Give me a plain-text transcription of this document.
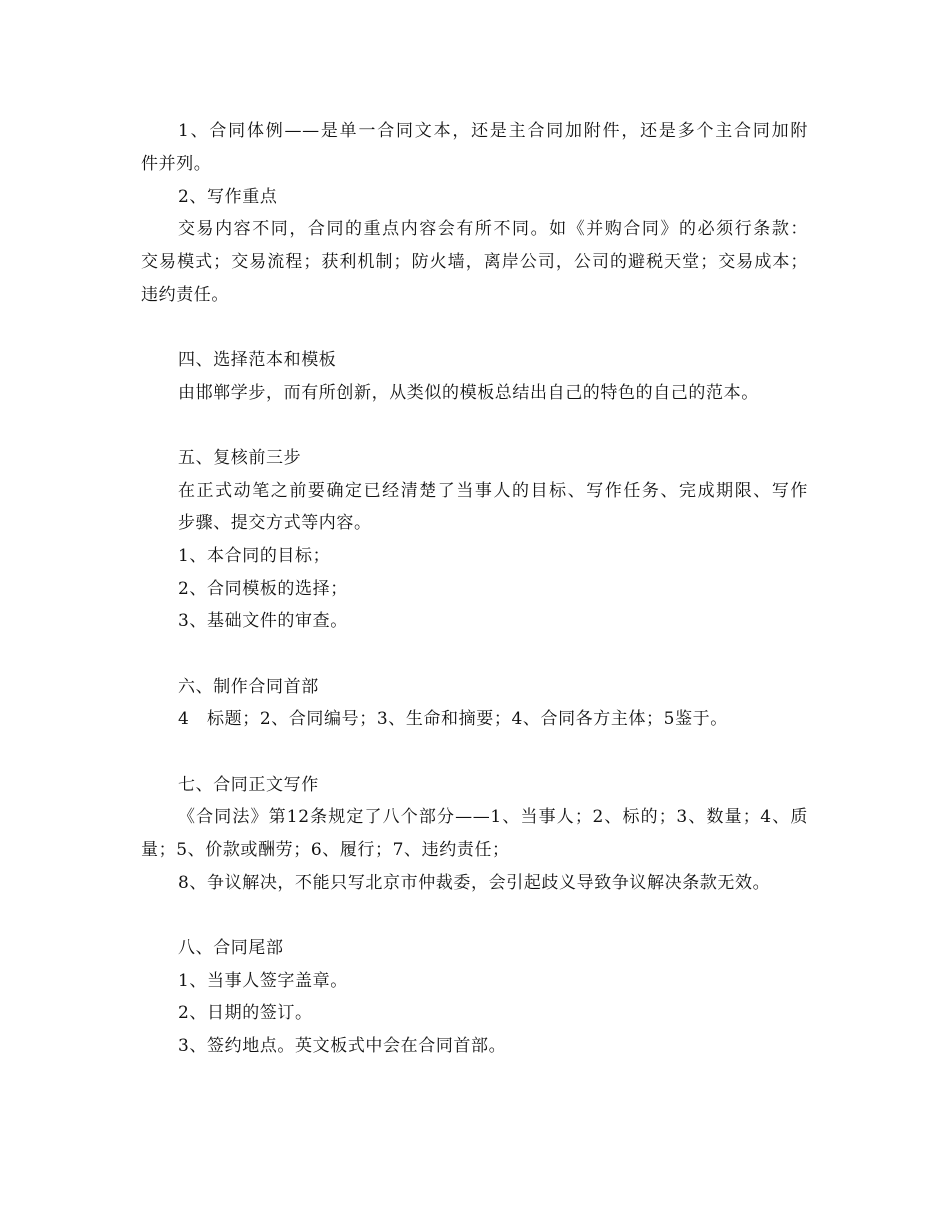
1、合同体例——是单一合同文本，还是主合同加附件，还是多个主合同加附
件并列。
2、写作重点
交易内容不同，合同的重点内容会有所不同。如《并购合同》的必须行条款：
交易模式；交易流程；获利机制；防火墙，离岸公司，公司的避税天堂；交易成本；
违约责任。
四、选择范本和模板
由邯郸学步，而有所创新，从类似的模板总结出自己的特色的自己的范本。
五、复核前三步
在正式动笔之前要确定已经清楚了当事人的目标、写作任务、完成期限、写作
步骤、提交方式等内容。
1、本合同的目标；
2、合同模板的选择；
3、基础文件的审查。
六、制作合同首部
4　标题；2、合同编号；3、生命和摘要；4、合同各方主体；5鉴于。
七、合同正文写作
《合同法》第12条规定了八个部分——1、当事人；2、标的；3、数量；4、质
量；5、价款或酬劳；6、履行；7、违约责任；
8、争议解决，不能只写北京市仲裁委，会引起歧义导致争议解决条款无效。
八、合同尾部
1、当事人签字盖章。
2、日期的签订。
3、签约地点。英文板式中会在合同首部。
